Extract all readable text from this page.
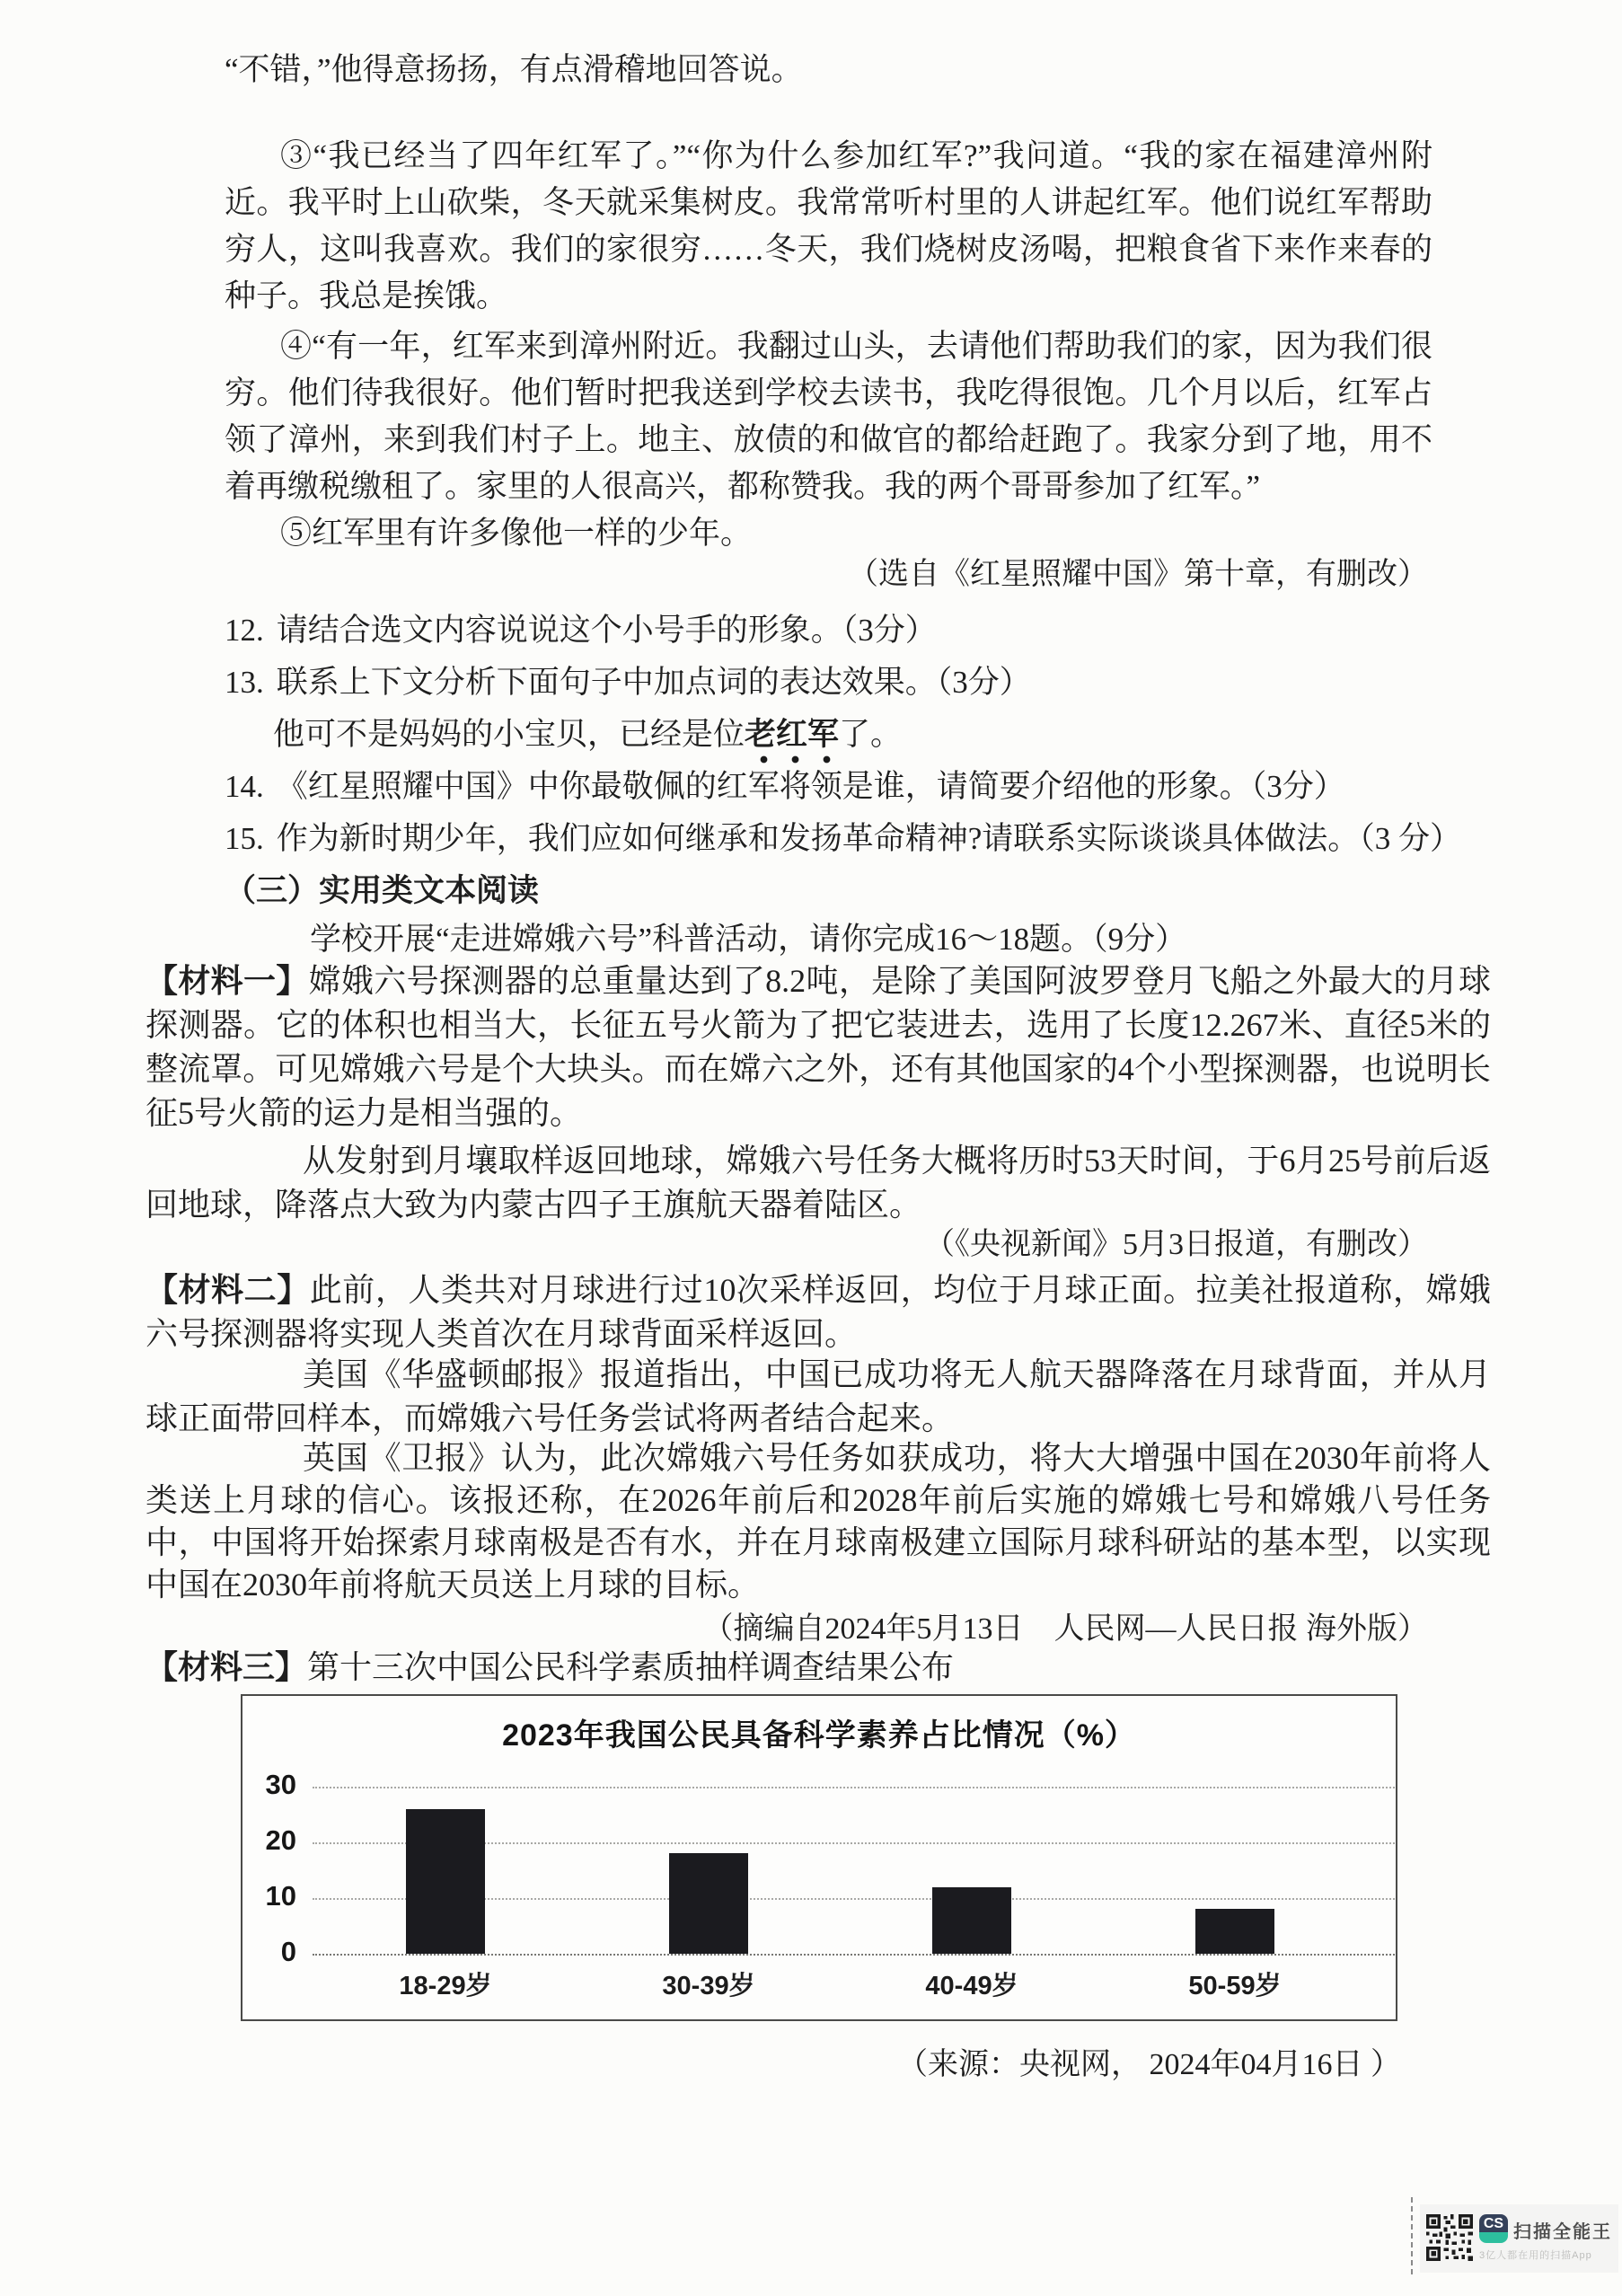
“不错，”他得意扬扬，有点滑稽地回答说。
③“我已经当了四年红军了。”“你为什么参加红军?”我问道。“我的家在福建漳州附近。我平时上山砍柴，冬天就采集树皮。我常常听村里的人讲起红军。他们说红军帮助穷人，这叫我喜欢。我们的家很穷……冬天，我们烧树皮汤喝，把粮食省下来作来春的种子。我总是挨饿。
④“有一年，红军来到漳州附近。我翻过山头，去请他们帮助我们的家，因为我们很穷。他们待我很好。他们暂时把我送到学校去读书，我吃得很饱。几个月以后，红军占领了漳州，来到我们村子上。地主、放债的和做官的都给赶跑了。我家分到了地，用不着再缴税缴租了。家里的人很高兴，都称赞我。我的两个哥哥参加了红军。”
⑤红军里有许多像他一样的少年。
（选自《红星照耀中国》第十章，有删改）
12. 请结合选文内容说说这个小号手的形象。（3分）
13. 联系上下文分析下面句子中加点词的表达效果。（3分）
他可不是妈妈的小宝贝，已经是位老红军了。
14. 《红星照耀中国》中你最敬佩的红军将领是谁，请简要介绍他的形象。（3分）
15. 作为新时期少年，我们应如何继承和发扬革命精神?请联系实际谈谈具体做法。（3 分）
（三）实用类文本阅读
学校开展“走进嫦娥六号”科普活动，请你完成16～18题。（9分）
【材料一】嫦娥六号探测器的总重量达到了8.2吨，是除了美国阿波罗登月飞船之外最大的月球探测器。它的体积也相当大，长征五号火箭为了把它装进去，选用了长度12.267米、直径5米的整流罩。可见嫦娥六号是个大块头。而在嫦六之外，还有其他国家的4个小型探测器，也说明长征5号火箭的运力是相当强的。
从发射到月壤取样返回地球，嫦娥六号任务大概将历时53天时间，于6月25号前后返回地球，降落点大致为内蒙古四子王旗航天器着陆区。
（《央视新闻》5月3日报道，有删改）
【材料二】此前，人类共对月球进行过10次采样返回，均位于月球正面。拉美社报道称，嫦娥六号探测器将实现人类首次在月球背面采样返回。
美国《华盛顿邮报》报道指出，中国已成功将无人航天器降落在月球背面，并从月球正面带回样本，而嫦娥六号任务尝试将两者结合起来。
英国《卫报》认为，此次嫦娥六号任务如获成功，将大大增强中国在2030年前将人类送上月球的信心。该报还称，在2026年前后和2028年前后实施的嫦娥七号和嫦娥八号任务中，中国将开始探索月球南极是否有水，并在月球南极建立国际月球科研站的基本型，以实现中国在2030年前将航天员送上月球的目标。
（摘编自2024年5月13日　人民网—人民日报 海外版）
【材料三】第十三次中国公民科学素质抽样调查结果公布
2023年我国公民具备科学素养占比情况（%）
0
10
20
30
18-29岁	30-39岁	40-49岁	50-59岁
（来源：央视网， 2024年04月16日 ）
CS 扫描全能王
3亿人都在用的扫描App
